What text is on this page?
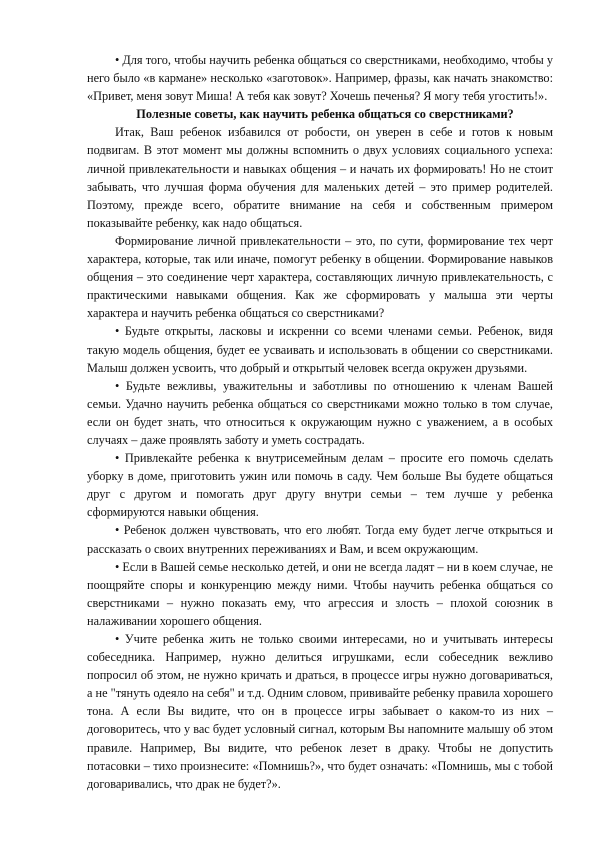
• Для того, чтобы научить ребенка общаться со сверстниками, необходимо, чтобы у него было «в кармане» несколько «заготовок». Например, фразы, как начать знакомство: «Привет, меня зовут Миша! А тебя как зовут? Хочешь печенья? Я могу тебя угостить!».

Полезные советы, как научить ребенка общаться со сверстниками?

Итак, Ваш ребенок избавился от робости, он уверен в себе и готов к новым подвигам. В этот момент мы должны вспомнить о двух условиях социального успеха: личной привлекательности и навыках общения – и начать их формировать! Но не стоит забывать, что лучшая форма обучения для маленьких детей – это пример родителей. Поэтому, прежде всего, обратите внимание на себя и собственным примером показывайте ребенку, как надо общаться.

Формирование личной привлекательности – это, по сути, формирование тех черт характера, которые, так или иначе, помогут ребенку в общении. Формирование навыков общения – это соединение черт характера, составляющих личную привлекательность, с практическими навыками общения. Как же сформировать у малыша эти черты характера и научить ребенка общаться со сверстниками?

• Будьте открыты, ласковы и искренни со всеми членами семьи. Ребенок, видя такую модель общения, будет ее усваивать и использовать в общении со сверстниками. Малыш должен усвоить, что добрый и открытый человек всегда окружен друзьями.

• Будьте вежливы, уважительны и заботливы по отношению к членам Вашей семьи. Удачно научить ребенка общаться со сверстниками можно только в том случае, если он будет знать, что относиться к окружающим нужно с уважением, а в особых случаях – даже проявлять заботу и уметь сострадать.

• Привлекайте ребенка к внутрисемейным делам – просите его помочь сделать уборку в доме, приготовить ужин или помочь в саду. Чем больше Вы будете общаться друг с другом и помогать друг другу внутри семьи – тем лучше у ребенка сформируются навыки общения.

• Ребенок должен чувствовать, что его любят. Тогда ему будет легче открыться и рассказать о своих внутренних переживаниях и Вам, и всем окружающим.

• Если в Вашей семье несколько детей, и они не всегда ладят – ни в коем случае, не поощряйте споры и конкуренцию между ними. Чтобы научить ребенка общаться со сверстниками – нужно показать ему, что агрессия и злость – плохой союзник в налаживании хорошего общения.

• Учите ребенка жить не только своими интересами, но и учитывать интересы собеседника. Например, нужно делиться игрушками, если собеседник вежливо попросил об этом, не нужно кричать и драться, в процессе игры нужно договариваться, а не "тянуть одеяло на себя" и т.д. Одним словом, прививайте ребенку правила хорошего тона. А если Вы видите, что он в процессе игры забывает о каком-то из них – договоритесь, что у вас будет условный сигнал, которым Вы напомните малышу об этом правиле. Например, Вы видите, что ребенок лезет в драку. Чтобы не допустить потасовки – тихо произнесите: «Помнишь?», что будет означать: «Помнишь, мы с тобой договаривались, что драк не будет?».
